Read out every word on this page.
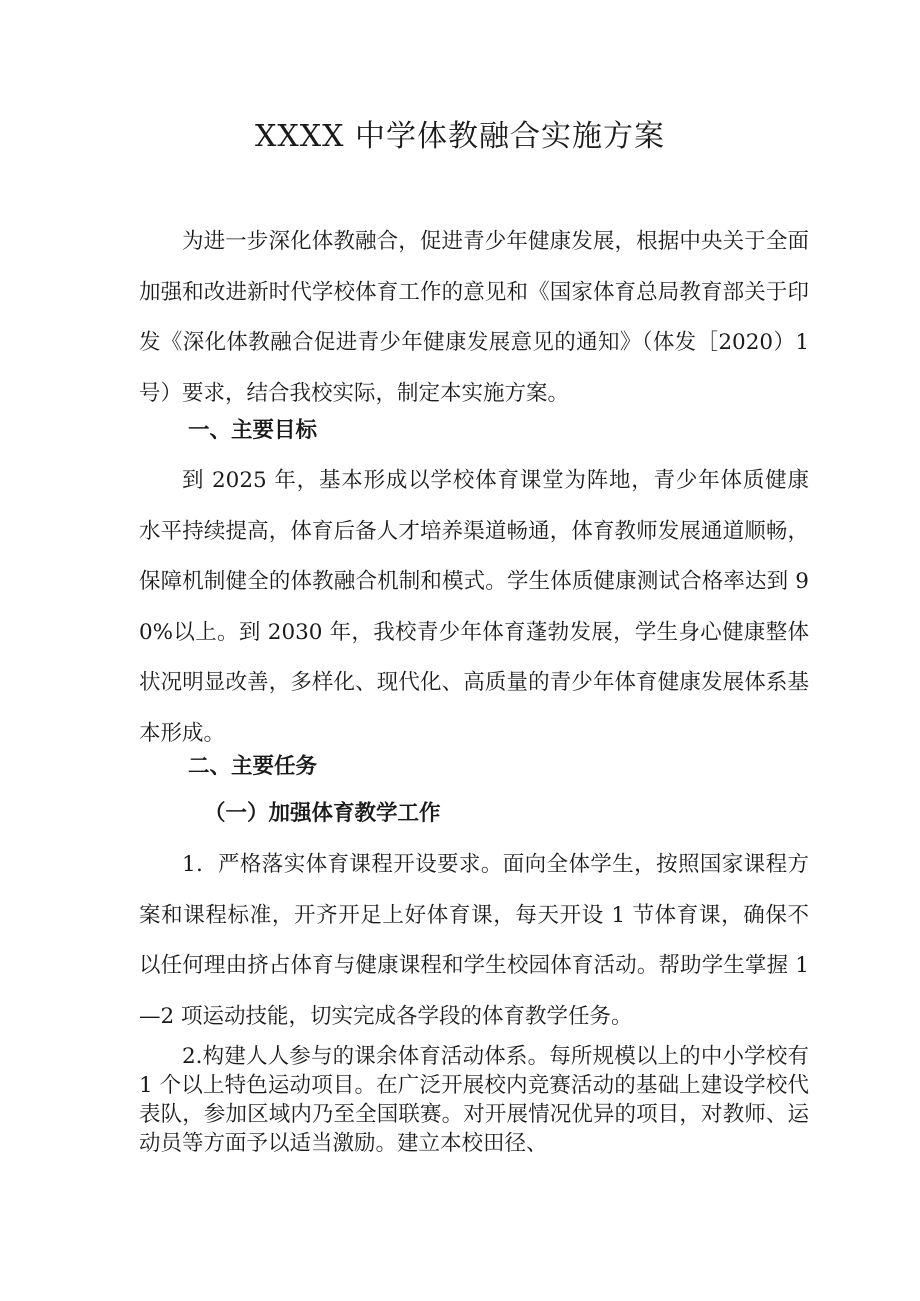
XXXX 中学体教融合实施方案

为进一步深化体教融合，促进青少年健康发展，根据中央关于全面加强和改进新时代学校体育工作的意见和《国家体育总局教育部关于印发《深化体教融合促进青少年健康发展意见的通知》（体发［2020）1 号）要求，结合我校实际，制定本实施方案。

一、主要目标

到 2025 年，基本形成以学校体育课堂为阵地，青少年体质健康水平持续提高，体育后备人才培养渠道畅通，体育教师发展通道顺畅，保障机制健全的体教融合机制和模式。学生体质健康测试合格率达到 90%以上。到 2030 年，我校青少年体育蓬勃发展，学生身心健康整体状况明显改善，多样化、现代化、高质量的青少年体育健康发展体系基本形成。

二、主要任务
（一）加强体育教学工作

1．严格落实体育课程开设要求。面向全体学生，按照国家课程方案和课程标准，开齐开足上好体育课，每天开设 1 节体育课，确保不以任何理由挤占体育与健康课程和学生校园体育活动。帮助学生掌握 1—2 项运动技能，切实完成各学段的体育教学任务。

2.构建人人参与的课余体育活动体系。每所规模以上的中小学校有 1 个以上特色运动项目。在广泛开展校内竞赛活动的基础上建设学校代表队，参加区域内乃至全国联赛。对开展情况优异的项目，对教师、运动员等方面予以适当激励。建立本校田径、
